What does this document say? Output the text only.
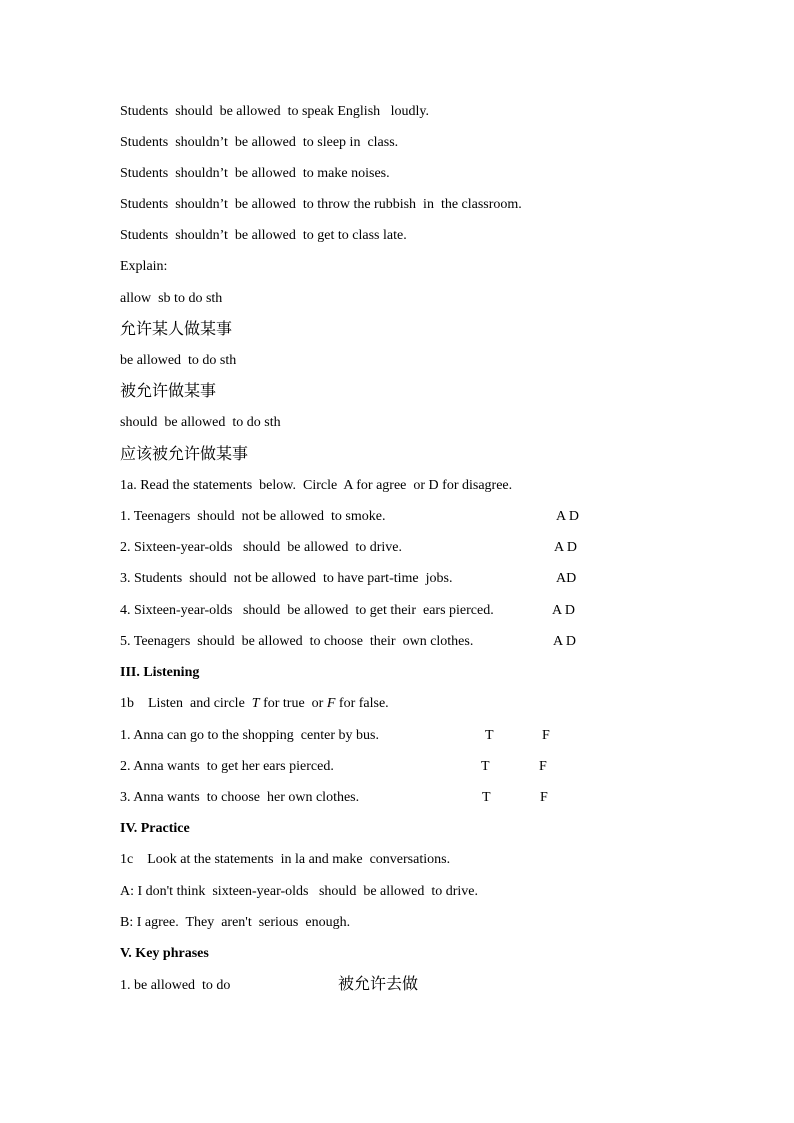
Students  should  be allowed  to speak English   loudly.
Students  shouldn’t  be allowed  to sleep in  class.
Students  shouldn’t  be allowed  to make noises.
Students  shouldn’t  be allowed  to throw the rubbish  in  the classroom.
Students  shouldn’t  be allowed  to get to class late.
Explain:
allow  sb to do sth
允许某人做某事
be allowed  to do sth
被允许做某事
should  be allowed  to do sth
应该被允许做某事
1a. Read the statements  below.  Circle  A for agree  or D for disagree.
1. Teenagers  should  not be allowed  to smoke.	A D
2. Sixteen-year-olds   should  be allowed  to drive.	A D
3. Students  should  not be allowed  to have part-time  jobs.	AD
4. Sixteen-year-olds   should  be allowed  to get their  ears pierced.	A D
5. Teenagers  should  be allowed  to choose  their  own clothes.	A D
III. Listening
1b    Listen  and circle  T for true  or F for false.
1. Anna can go to the shopping  center by bus.	T	F
2. Anna wants  to get her ears pierced.	T	F
3. Anna wants  to choose  her own clothes.	T	F
IV. Practice
1c    Look at the statements  in la and make  conversations.
A: I don't think  sixteen-year-olds   should  be allowed  to drive.
B: I agree.  They  aren't  serious  enough.
V. Key phrases
1. be allowed  to do	被允许去做
